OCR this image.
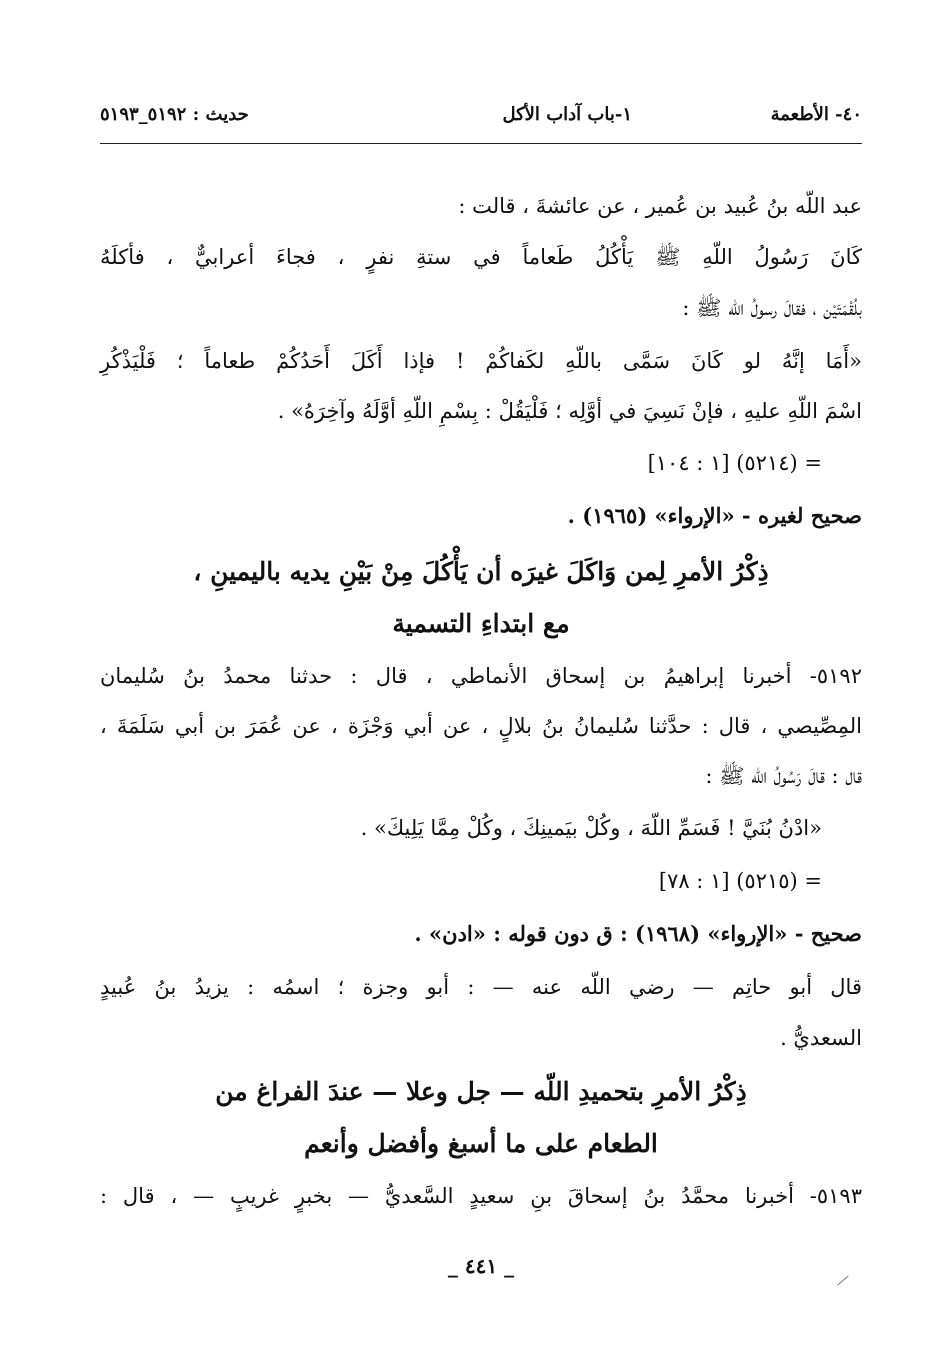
٤٠- الأطعمة
١-باب آداب الأكل
حديث : ٥١٩٢_٥١٩٣
عبد اللّه بنُ عُبيد بن عُمير ، عن عائشةَ ، قالت :
كَانَ رَسُولُ اللّهِ ﷺ يَأْكُلُ طَعاماً في ستةِ نفرٍ ، فجاءَ أعرابيٌّ ، فأكلَهُ
بلُقْمَتَيْن ، فقالَ رسولُ اللّه ﷺ :
«أَمَا إنَّهُ لو كَانَ سَمَّى باللّهِ لكَفاكُمْ ! فإذا أَكَلَ أَحَدُكُمْ طعاماً ؛ فَلْيَذْكُرِ
اسْمَ اللّهِ عليهِ ، فإنْ نَسِيَ في أوَّلِه ؛ فَلْيَقُلْ : بِسْمِ اللّهِ أوَّلَهُ وآخِرَهُ» .
= (٥٢١٤) [١ : ١٠٤]
صحيح لغيره - «الإرواء» (١٩٦٥) .
ذِكْرُ الأمرِ لِمن وَاكَلَ غيرَه أن يَأْكُلَ مِنْ بَيْنِ يديه باليمينِ ،
مع ابتداءِ التسمية
٥١٩٢- أخبرنا إبراهيمُ بن إسحاق الأنماطي ، قال : حدثنا محمدُ بنُ سُليمان
المِصِّيصي ، قال : حدَّثنا سُليمانُ بنُ بلالٍ ، عن أبي وَجْزَة ، عن عُمَرَ بن أبي سَلَمَةَ ،
قال : قالَ رَسُولُ اللّه ﷺ :
«ادْنُ بُنَيَّ ! فَسَمِّ اللّهَ ، وكُلْ بيَمينِكَ ، وكُلْ مِمَّا يَلِيكَ» .
= (٥٢١٥) [١ : ٧٨]
صحيح - «الإرواء» (١٩٦٨) : ق دون قوله : «ادن» .
قال أبو حاتِم — رضي اللّه عنه — : أبو وجزة ؛ اسمُه : يزيدُ بنُ عُبيدٍ
السعديُّ .
ذِكْرُ الأمرِ بتحميدِ اللّه — جل وعلا — عندَ الفراغ من
الطعام على ما أسبغ وأفضل وأنعم
٥١٩٣- أخبرنا محمَّدُ بنُ إسحاقَ بنِ سعيدٍ السَّعديُّ — بخبرٍ غريبٍ — ، قال :
_ ٤٤١ _
